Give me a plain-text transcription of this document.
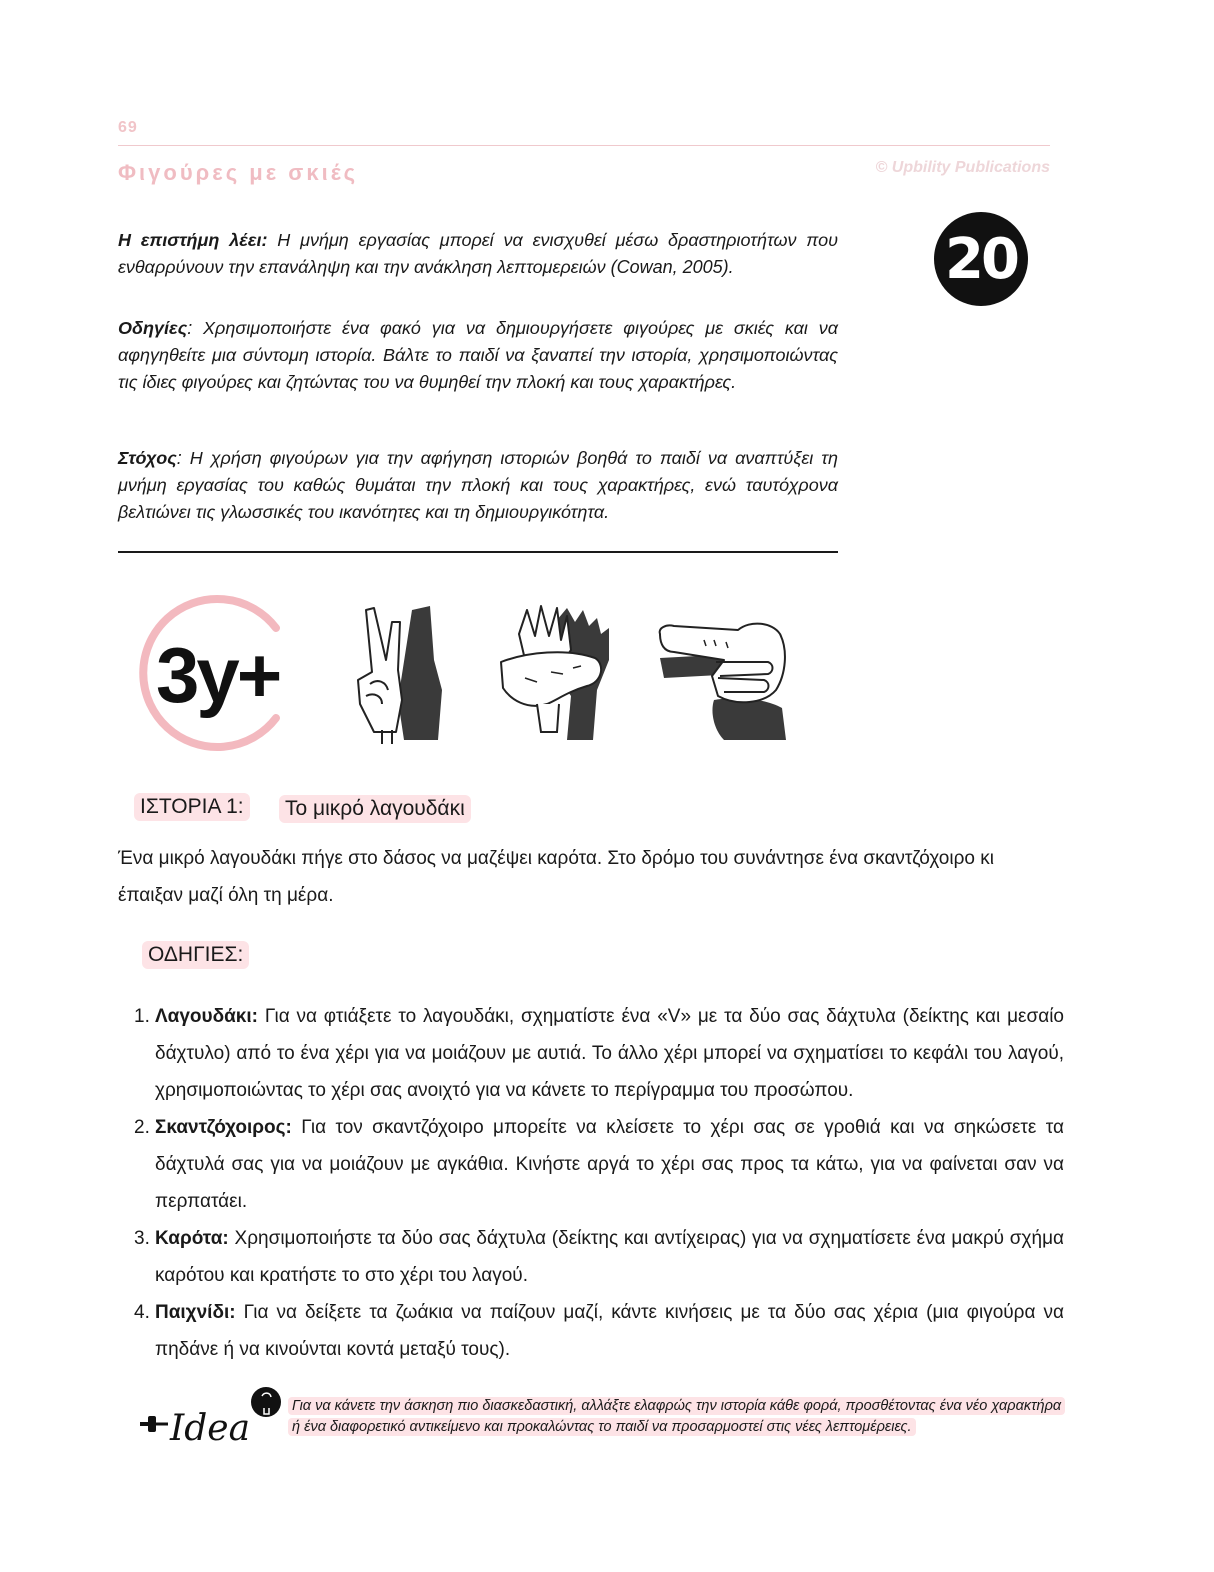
69
Φιγούρες με σκιές	© Upbility Publications
20
Η επιστήμη λέει: Η μνήμη εργασίας μπορεί να ενισχυθεί μέσω δραστηριοτήτων που ενθαρρύνουν την επανάληψη και την ανάκληση λεπτομερειών (Cowan, 2005).
Οδηγίες: Χρησιμοποιήστε ένα φακό για να δημιουργήσετε φιγούρες με σκιές και να αφηγηθείτε μια σύντομη ιστορία. Βάλτε το παιδί να ξαναπεί την ιστορία, χρησιμοποιώντας τις ίδιες φιγούρες και ζητώντας του να θυμηθεί την πλοκή και τους χαρακτήρες.
Στόχος: Η χρήση φιγούρων για την αφήγηση ιστοριών βοηθά το παιδί να αναπτύξει τη μνήμη εργασίας του καθώς θυμάται την πλοκή και τους χαρακτήρες, ενώ ταυτόχρονα βελτιώνει τις γλωσσικές του ικανότητες και τη δημιουργικότητα.
3y+
ΙΣΤΟΡΙΑ 1: Το μικρό λαγουδάκι
Ένα μικρό λαγουδάκι πήγε στο δάσος να μαζέψει καρότα. Στο δρόμο του συνάντησε ένα σκαντζόχοιρο κι έπαιξαν μαζί όλη τη μέρα.
ΟΔΗΓΙΕΣ:
1. Λαγουδάκι: Για να φτιάξετε το λαγουδάκι, σχηματίστε ένα «V» με τα δύο σας δάχτυλα (δείκτης και μεσαίο δάχτυλο) από το ένα χέρι για να μοιάζουν με αυτιά. Το άλλο χέρι μπορεί να σχηματίσει το κεφάλι του λαγού, χρησιμοποιώντας το χέρι σας ανοιχτό για να κάνετε το περίγραμμα του προσώπου.
2. Σκαντζόχοιρος: Για τον σκαντζόχοιρο μπορείτε να κλείσετε το χέρι σας σε γροθιά και να σηκώσετε τα δάχτυλά σας για να μοιάζουν με αγκάθια. Κινήστε αργά το χέρι σας προς τα κάτω, για να φαίνεται σαν να περπατάει.
3. Καρότα: Χρησιμοποιήστε τα δύο σας δάχτυλα (δείκτης και αντίχειρας) για να σχηματίσετε ένα μακρύ σχήμα καρότου και κρατήστε το στο χέρι του λαγού.
4. Παιχνίδι: Για να δείξετε τα ζωάκια να παίζουν μαζί, κάντε κινήσεις με τα δύο σας χέρια (μια φιγούρα να πηδάνε ή να κινούνται κοντά μεταξύ τους).
Idea
Για να κάνετε την άσκηση πιο διασκεδαστική, αλλάξτε ελαφρώς την ιστορία κάθε φορά, προσθέτοντας ένα νέο χαρακτήρα ή ένα διαφορετικό αντικείμενο και προκαλώντας το παιδί να προσαρμοστεί στις νέες λεπτομέρειες.
